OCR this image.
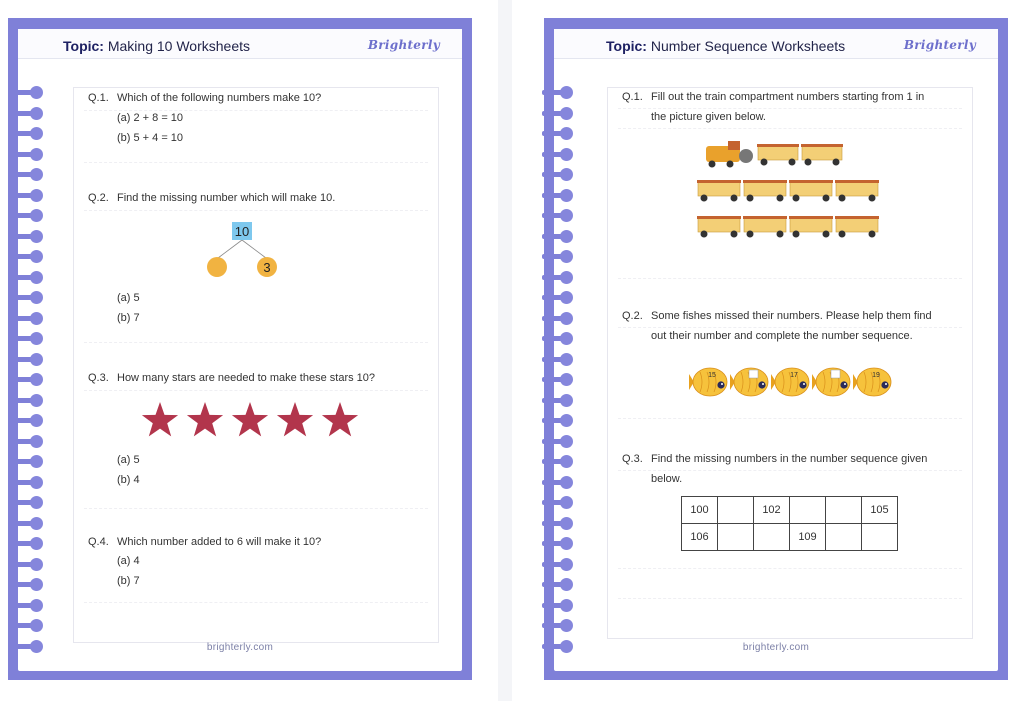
Topic: Making 10 Worksheets	Brighterly
Q.1. Which of the following numbers make 10?
(a) 2 + 8 = 10
(b) 5 + 4 = 10
Q.2. Find the missing number which will make 10.
10
3
(a) 5
(b) 7
Q.3. How many stars are needed to make these stars 10?
(a) 5
(b) 4
Q.4. Which number added to 6 will make it 10?
(a) 4
(b) 7
brighterly.com
Topic: Number Sequence Worksheets	Brighterly
Q.1. Fill out the train compartment numbers starting from 1 in
the picture given below.
Q.2. Some fishes missed their numbers. Please help them find
out their number and complete the number sequence.
15	17	19
Q.3. Find the missing numbers in the number sequence given
below.
100		102			105
106			109		
brighterly.com
